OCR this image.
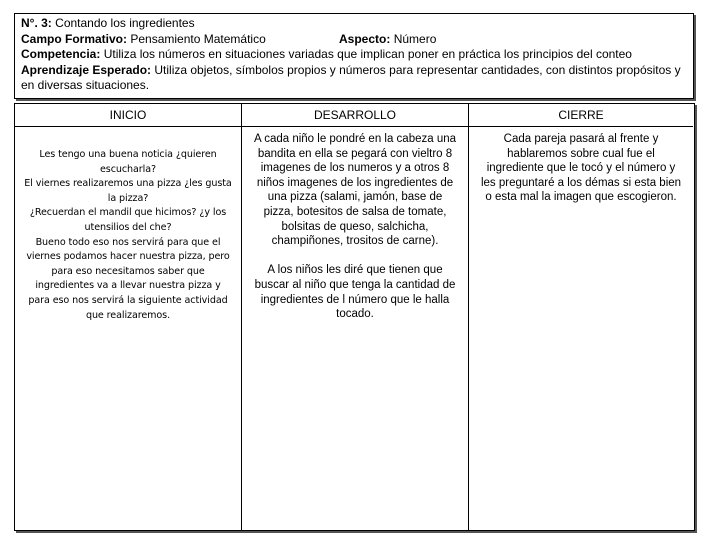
N°. 3: Contando los ingredientes
Campo Formativo: Pensamiento Matemático	Aspecto: Número
Competencia: Utiliza los números en situaciones variadas que implican poner en práctica los principios del conteo
Aprendizaje Esperado: Utiliza objetos, símbolos propios y números para representar cantidades, con distintos propósitos y en diversas situaciones.
INICIO
Les tengo una buena noticia ¿quieren
escucharla?
El viernes realizaremos una pizza ¿les gusta
la pizza?
¿Recuerdan el mandil que hicimos? ¿y los
utensilios del che?
Bueno todo eso nos servirá para que el
viernes podamos hacer nuestra pizza, pero
para eso necesitamos saber que
ingredientes va a llevar nuestra pizza y
para eso nos servirá la siguiente actividad
que realizaremos.
DESARROLLO
A cada niño le pondré en la cabeza una
bandita en ella se pegará con vieltro 8
imagenes de los numeros y a otros 8
niños imagenes de los ingredientes de
una pizza (salami, jamón, base de
pizza, botesitos de salsa de tomate,
bolsitas de queso, salchicha,
champiñones, trositos de carne).

A los niños les diré que tienen que
buscar al niño que tenga la cantidad de
ingredientes de l número que le halla
tocado.
CIERRE
Cada pareja pasará al frente y
hablaremos sobre cual fue el
ingrediente que le tocó y el número y
les preguntaré a los démas si esta bien
o esta mal la imagen que escogieron.
